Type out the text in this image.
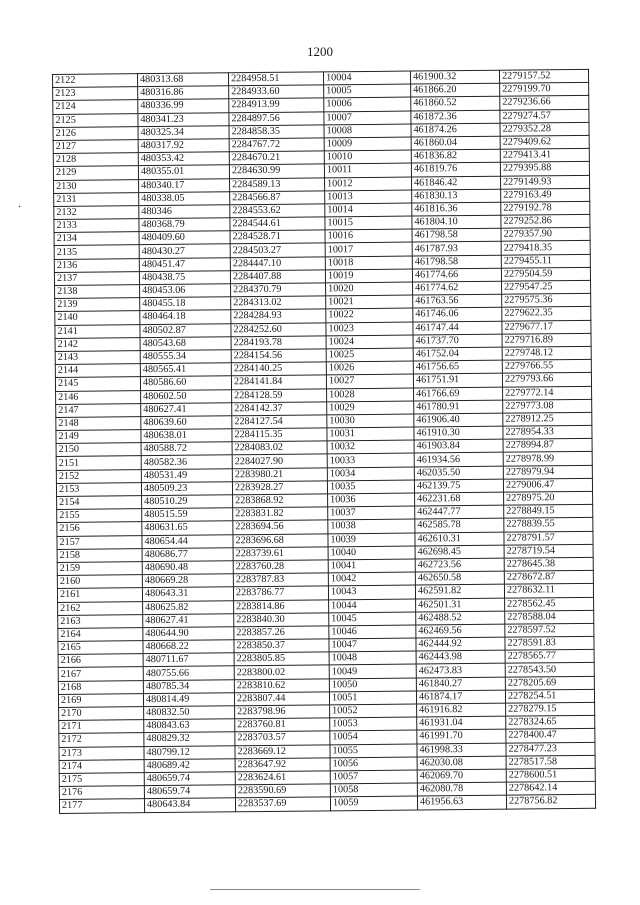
1200
.
2122	480313.68	2284958.51	10004	461900.32	2279157.52
2123	480316.86	2284933.60	10005	461866.20	2279199.70
2124	480336.99	2284913.99	10006	461860.52	2279236.66
2125	480341.23	2284897.56	10007	461872.36	2279274.57
2126	480325.34	2284858.35	10008	461874.26	2279352.28
2127	480317.92	2284767.72	10009	461860.04	2279409.62
2128	480353.42	2284670.21	10010	461836.82	2279413.41
2129	480355.01	2284630.99	10011	461819.76	2279395.88
2130	480340.17	2284589.13	10012	461846.42	2279149.93
2131	480338.05	2284566.87	10013	461830.13	2279163.49
2132	480346	2284553.62	10014	461816.36	2279192.78
2133	480368.79	2284544.61	10015	461804.10	2279252.86
2134	480409.60	2284528.71	10016	461798.58	2279357.90
2135	480430.27	2284503.27	10017	461787.93	2279418.35
2136	480451.47	2284447.10	10018	461798.58	2279455.11
2137	480438.75	2284407.88	10019	461774.66	2279504.59
2138	480453.06	2284370.79	10020	461774.62	2279547.25
2139	480455.18	2284313.02	10021	461763.56	2279575.36
2140	480464.18	2284284.93	10022	461746.06	2279622.35
2141	480502.87	2284252.60	10023	461747.44	2279677.17
2142	480543.68	2284193.78	10024	461737.70	2279716.89
2143	480555.34	2284154.56	10025	461752.04	2279748.12
2144	480565.41	2284140.25	10026	461756.65	2279766.55
2145	480586.60	2284141.84	10027	461751.91	2279793.66
2146	480602.50	2284128.59	10028	461766.69	2279772.14
2147	480627.41	2284142.37	10029	461780.91	2279773.08
2148	480639.60	2284127.54	10030	461906.40	2278912.25
2149	480638.01	2284115.35	10031	461910.30	2278954.33
2150	480588.72	2284083.02	10032	461903.84	2278994.87
2151	480582.36	2284027.90	10033	461934.56	2278978.99
2152	480531.49	2283980.21	10034	462035.50	2278979.94
2153	480509.23	2283928.27	10035	462139.75	2279006.47
2154	480510.29	2283868.92	10036	462231.68	2278975.20
2155	480515.59	2283831.82	10037	462447.77	2278849.15
2156	480631.65	2283694.56	10038	462585.78	2278839.55
2157	480654.44	2283696.68	10039	462610.31	2278791.57
2158	480686.77	2283739.61	10040	462698.45	2278719.54
2159	480690.48	2283760.28	10041	462723.56	2278645.38
2160	480669.28	2283787.83	10042	462650.58	2278672.87
2161	480643.31	2283786.77	10043	462591.82	2278632.11
2162	480625.82	2283814.86	10044	462501.31	2278562.45
2163	480627.41	2283840.30	10045	462488.52	2278588.04
2164	480644.90	2283857.26	10046	462469.56	2278597.52
2165	480668.22	2283850.37	10047	462444.92	2278591.83
2166	480711.67	2283805.85	10048	462443.98	2278565.77
2167	480755.66	2283800.02	10049	462473.83	2278543.50
2168	480785.34	2283810.62	10050	461840.27	2278205.69
2169	480814.49	2283807.44	10051	461874.17	2278254.51
2170	480832.50	2283798.96	10052	461916.82	2278279.15
2171	480843.63	2283760.81	10053	461931.04	2278324.65
2172	480829.32	2283703.57	10054	461991.70	2278400.47
2173	480799.12	2283669.12	10055	461998.33	2278477.23
2174	480689.42	2283647.92	10056	462030.08	2278517.58
2175	480659.74	2283624.61	10057	462069.70	2278600.51
2176	480659.74	2283590.69	10058	462080.78	2278642.14
2177	480643.84	2283537.69	10059	461956.63	2278756.82
